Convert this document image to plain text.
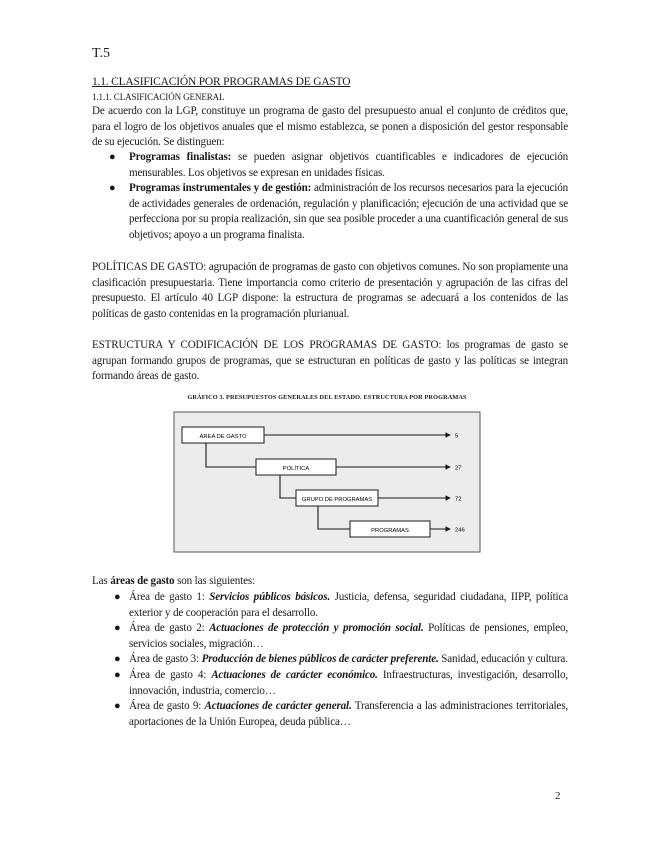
T.5
1.1. CLASIFICACIÓN POR PROGRAMAS DE GASTO
1.1.1. CLASIFICACIÓN GENERAL
De acuerdo con la LGP, constituye un programa de gasto del presupuesto anual el conjunto de créditos que, para el logro de los objetivos anuales que el mismo establezca, se ponen a disposición del gestor responsable de su ejecución. Se distinguen:
● Programas finalistas: se pueden asignar objetivos cuantificables e indicadores de ejecución mensurables. Los objetivos se expresan en unidades físicas.
● Programas instrumentales y de gestión: administración de los recursos necesarios para la ejecución de actividades generales de ordenación, regulación y planificación; ejecución de una actividad que se perfecciona por su propia realización, sin que sea posible proceder a una cuantificación general de sus objetivos; apoyo a un programa finalista.
POLÍTICAS DE GASTO: agrupación de programas de gasto con objetivos comunes. No son propiamente una clasificación presupuestaria. Tiene importancia como criterio de presentación y agrupación de las cifras del presupuesto. El artículo 40 LGP dispone: la estructura de programas se adecuará a los contenidos de las políticas de gasto contenidas en la programación plurianual.
ESTRUCTURA Y CODIFICACIÓN DE LOS PROGRAMAS DE GASTO: los programas de gasto se agrupan formando grupos de programas, que se estructuran en políticas de gasto y las políticas se integran formando áreas de gasto.
GRÁFICO 3. PRESUPUESTOS GENERALES DEL ESTADO. ESTRUCTURA POR PROGRAMAS
ÁREA DE GASTO	5
POLÍTICA	27
GRUPO DE PROGRAMAS	72
PROGRAMAS	246
Las áreas de gasto son las siguientes:
● Área de gasto 1: Servicios públicos básicos. Justicia, defensa, seguridad ciudadana, IIPP, política exterior y de cooperación para el desarrollo.
● Área de gasto 2: Actuaciones de protección y promoción social. Políticas de pensiones, empleo, servicios sociales, migración…
● Área de gasto 3: Producción de bienes públicos de carácter preferente. Sanidad, educación y cultura.
● Área de gasto 4: Actuaciones de carácter económico. Infraestructuras, investigación, desarrollo, innovación, industria, comercio…
● Área de gasto 9: Actuaciones de carácter general. Transferencia a las administraciones territoriales, aportaciones de la Unión Europea, deuda pública…
2
